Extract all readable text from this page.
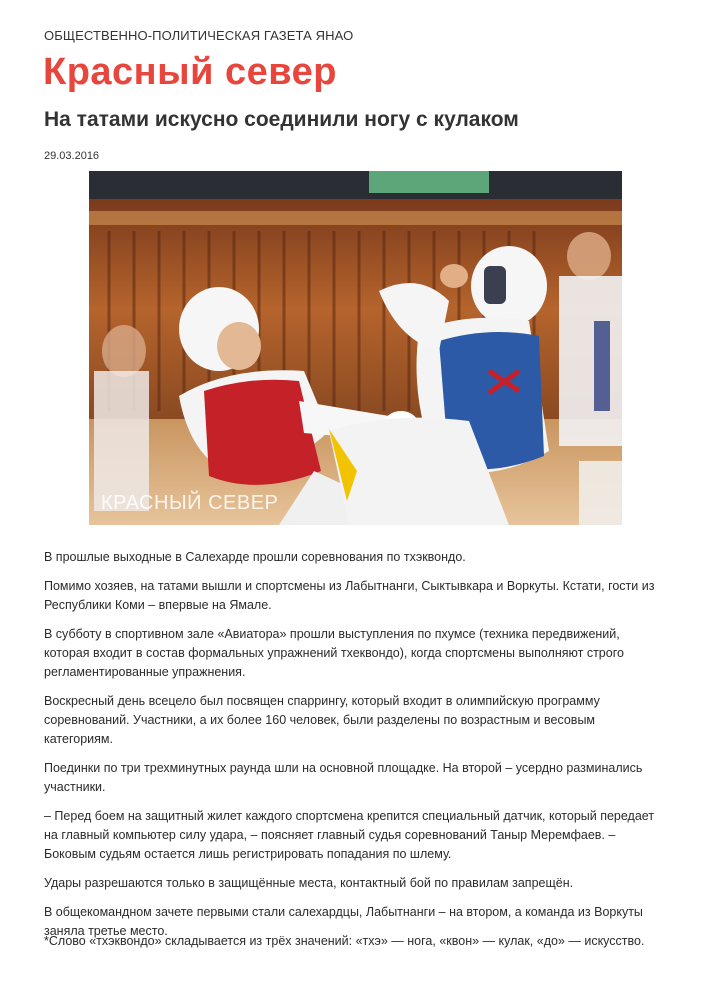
ОБЩЕСТВЕННО-ПОЛИТИЧЕСКАЯ ГАЗЕТА ЯНАО
Красный север
На татами искусно соединили ногу с кулаком
29.03.2016
КРАСНЫЙ СЕВЕР

В прошлые выходные в Салехарде прошли соревнования по тхэквондо.

Помимо хозяев, на татами вышли и спортсмены из Лабытнанги, Сыктывкара и Воркуты. Кстати, гости из Республики Коми – впервые на Ямале.

В субботу в спортивном зале «Авиатора» прошли выступления по пхумсе (техника передвижений, которая входит в состав формальных упражнений тхеквондо), когда спортсмены выполняют строго регламентированные упражнения.

Воскресный день всецело был посвящен спаррингу, который входит в олимпийскую программу соревнований. Участники, а их более 160 человек, были разделены по возрастным и весовым категориям.

Поединки по три трехминутных раунда шли на основной площадке. На второй – усердно разминались участники.

– Перед боем на защитный жилет каждого спортсмена крепится специальный датчик, который передает на главный компьютер силу удара, – поясняет главный судья соревнований Таныр Меремфаев. – Боковым судьям остается лишь регистрировать попадания по шлему.

Удары разрешаются только в защищённые места, контактный бой по правилам запрещён.

В общекомандном зачете первыми стали салехардцы, Лабытнанги – на втором, а команда из Воркуты заняла третье место.

*Слово «тхэквондо» складывается из трёх значений: «тхэ» — нога, «квон» — кулак, «до» — искусство.
